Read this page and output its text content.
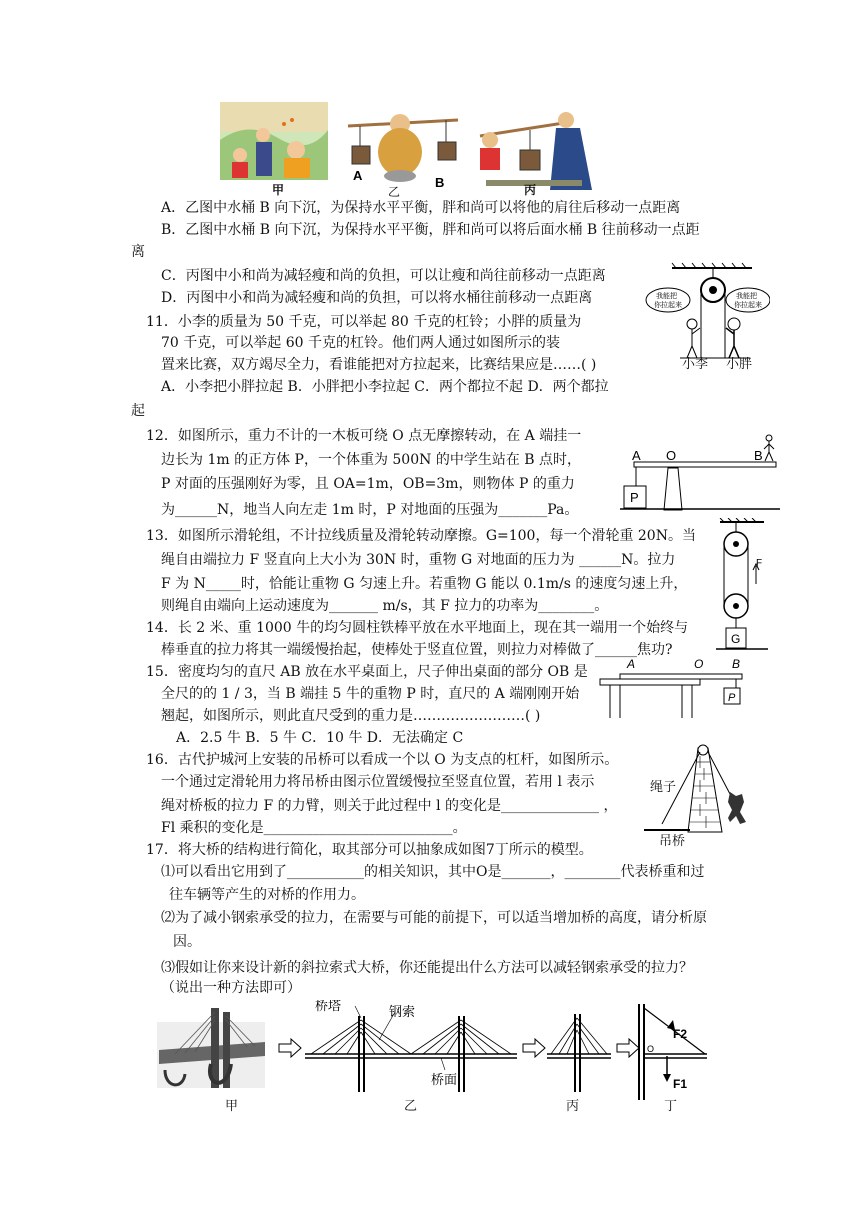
A	B
甲	乙	丙
A．乙图中水桶 B 向下沉，为保持水平平衡，胖和尚可以将他的肩往后移动一点距离
B．乙图中水桶 B 向下沉，为保持水平平衡，胖和尚可以将后面水桶 B 往前移动一点距
离
C．丙图中小和尚为减轻瘦和尚的负担，可以让瘦和尚往前移动一点距离
D．丙图中小和尚为减轻瘦和尚的负担，可以将水桶往前移动一点距离
11．小李的质量为 50 千克，可以举起 80 千克的杠铃；小胖的质量为
70 千克，可以举起 60 千克的杠铃。他们两人通过如图所示的装
置来比赛，双方竭尽全力，看谁能把对方拉起来，比赛结果应是……( )
A．小李把小胖拉起 B．小胖把小李拉起 C．两个都拉不起 D．两个都拉
起
我能把
你拉起来
我能把
你拉起来
小李 小胖
12．如图所示，重力不计的一木板可绕 O 点无摩擦转动，在 A 端挂一
边长为 1m 的正方体 P，一个体重为 500N 的中学生站在 B 点时，
P 对面的压强刚好为零，且 OA=1m，OB=3m，则物体 P 的重力
为______N，地当人向左走 1m 时，P 对地面的压强为_______Pa。
A O	B
P
13．如图所示滑轮组，不计拉线质量及滑轮转动摩擦。G=100，每一个滑轮重 20N。当
绳自由端拉力 F 竖直向上大小为 30N 时，重物 G 对地面的压力为 ______N。拉力
F 为 N_____时，恰能让重物 G 匀速上升。若重物 G 能以 0.1m/s 的速度匀速上升，
则绳自由端向上运动速度为_______ m/s，其 F 拉力的功率为________。
F
G
14．长 2 米、重 1000 牛的均匀圆柱铁棒平放在水平地面上，现在其一端用一个始终与
棒垂直的拉力将其一端缓慢抬起，使棒处于竖直位置，则拉力对棒做了______焦功?
15．密度均匀的直尺 AB 放在水平桌面上，尺子伸出桌面的部分 OB 是
全尺的的 1 / 3，当 B 端挂 5 牛的重物 P 时，直尺的 A 端刚刚开始
翘起，如图所示，则此直尺受到的重力是……………………( )
A．2.5 牛 B．5 牛 C．10 牛 D．无法确定 C
A	O B
P
16．古代护城河上安装的吊桥可以看成一个以 O 为支点的杠杆，如图所示。
一个通过定滑轮用力将吊桥由图示位置缓慢拉至竖直位置，若用 l 表示
绳对桥板的拉力 F 的力臂，则关于此过程中 l 的变化是______________ ，
Fl 乘积的变化是___________________________。
绳子
吊桥
17．将大桥的结构进行简化，取其部分可以抽象成如图7丁所示的模型。
⑴可以看出它用到了___________的相关知识，其中O是_______，________代表桥重和过
往车辆等产生的对桥的作用力。
⑵为了减小钢索承受的拉力，在需要与可能的前提下，可以适当增加桥的高度，请分析原
因。
⑶假如让你来设计新的斜拉索式大桥，你还能提出什么方法可以减轻钢索承受的拉力？
（说出一种方法即可）
桥塔	钢索
桥面
F2
F1
O
甲	乙	丙	丁
